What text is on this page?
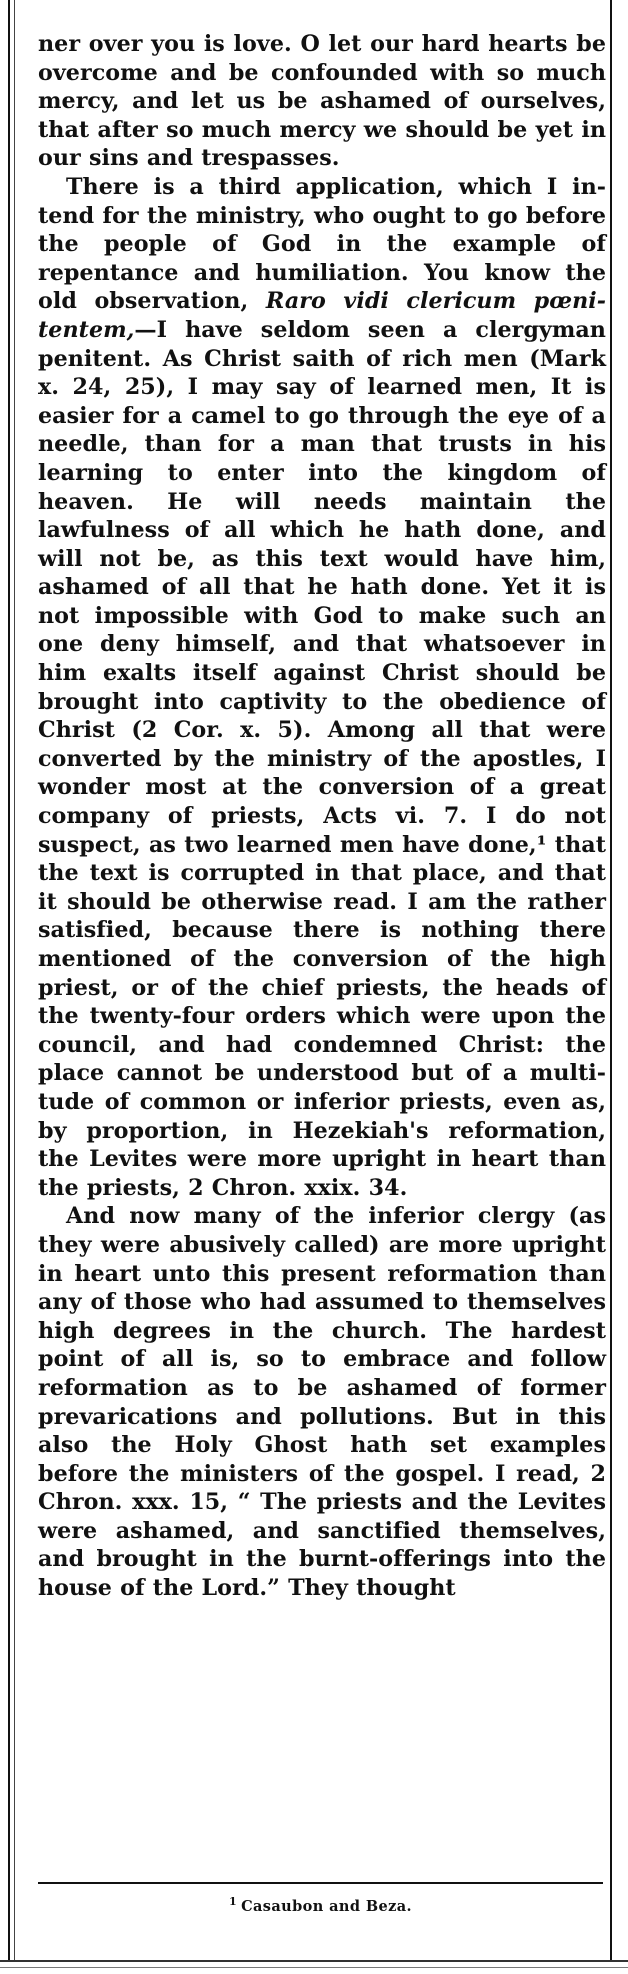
ner over you is love. O let our hard hearts be overcome and be confounded with so much mercy, and let us be ashamed of ourselves, that after so much mercy we should be yet in our sins and trespasses.

There is a third application, which I intend for the ministry, who ought to go before the people of God in the example of repentance and humiliation. You know the old observation, Raro vidi clericum pœnitentem,—I have seldom seen a clergyman penitent. As Christ saith of rich men (Mark x. 24, 25), I may say of learned men, It is easier for a camel to go through the eye of a needle, than for a man that trusts in his learning to enter into the kingdom of heaven. He will needs maintain the lawfulness of all which he hath done, and will not be, as this text would have him, ashamed of all that he hath done. Yet it is not impossible with God to make such an one deny himself, and that whatsoever in him exalts itself against Christ should be brought into captivity to the obedience of Christ (2 Cor. x. 5). Among all that were converted by the ministry of the apostles, I wonder most at the conversion of a great company of priests, Acts vi. 7. I do not suspect, as two learned men have done,¹ that the text is corrupted in that place, and that it should be otherwise read. I am the rather satisfied, because there is nothing there mentioned of the conversion of the high priest, or of the chief priests, the heads of the twenty-four orders which were upon the council, and had condemned Christ: the place cannot be understood but of a multitude of common or inferior priests, even as, by proportion, in Hezekiah's reformation, the Levites were more upright in heart than the priests, 2 Chron. xxix. 34.

And now many of the inferior clergy (as they were abusively called) are more upright in heart unto this present reformation than any of those who had assumed to themselves high degrees in the church. The hardest point of all is, so to embrace and follow reformation as to be ashamed of former prevarications and pollutions. But in this also the Holy Ghost hath set examples before the ministers of the gospel. I read, 2 Chron. xxx. 15, “ The priests and the Levites were ashamed, and sanctified themselves, and brought in the burnt-offerings into the house of the Lord.” They thought

$^1$ Casaubon and Beza.
